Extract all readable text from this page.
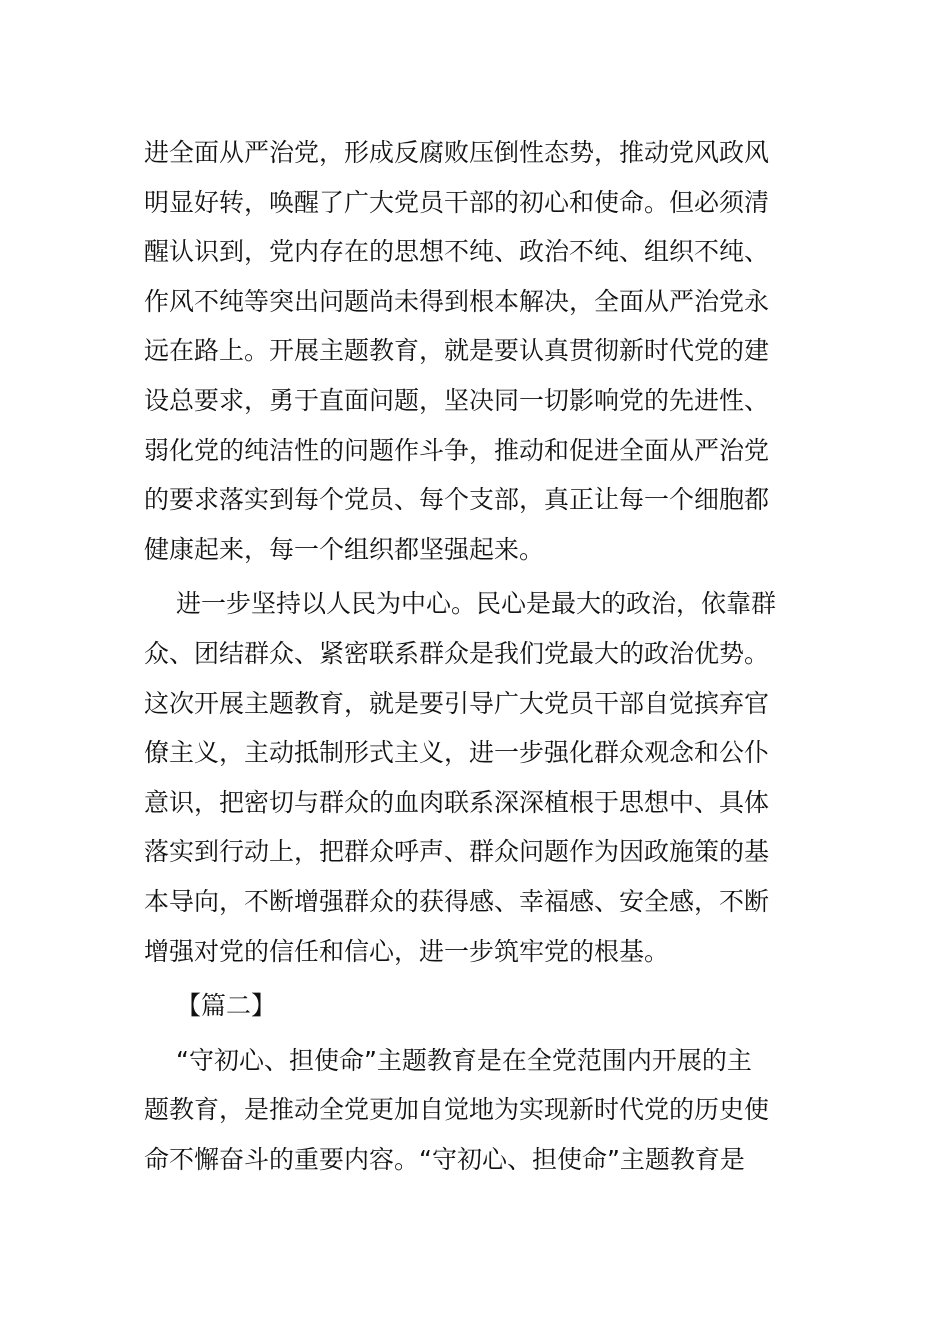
进全面从严治党，形成反腐败压倒性态势，推动党风政风
明显好转，唤醒了广大党员干部的初心和使命。但必须清
醒认识到，党内存在的思想不纯、政治不纯、组织不纯、
作风不纯等突出问题尚未得到根本解决，全面从严治党永
远在路上。开展主题教育，就是要认真贯彻新时代党的建
设总要求，勇于直面问题，坚决同一切影响党的先进性、
弱化党的纯洁性的问题作斗争，推动和促进全面从严治党
的要求落实到每个党员、每个支部，真正让每一个细胞都
健康起来，每一个组织都坚强起来。
进一步坚持以人民为中心。民心是最大的政治，依靠群
众、团结群众、紧密联系群众是我们党最大的政治优势。
这次开展主题教育，就是要引导广大党员干部自觉摈弃官
僚主义，主动抵制形式主义，进一步强化群众观念和公仆
意识，把密切与群众的血肉联系深深植根于思想中、具体
落实到行动上，把群众呼声、群众问题作为因政施策的基
本导向，不断增强群众的获得感、幸福感、安全感，不断
增强对党的信任和信心，进一步筑牢党的根基。
【篇二】
“守初心、担使命”主题教育是在全党范围内开展的主
题教育，是推动全党更加自觉地为实现新时代党的历史使
命不懈奋斗的重要内容。“守初心、担使命”主题教育是
